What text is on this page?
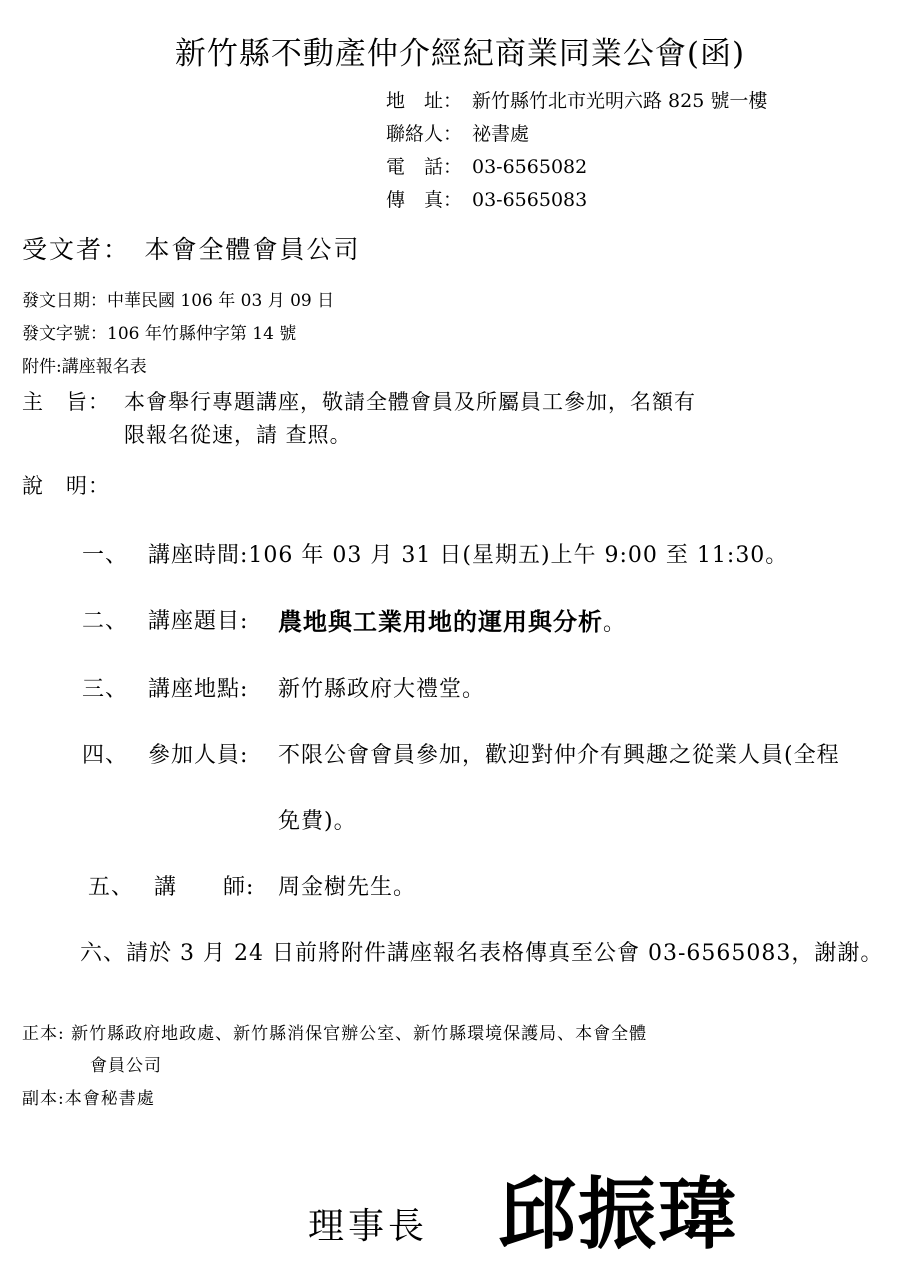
新竹縣不動產仲介經紀商業同業公會(函)
地　址： 新竹縣竹北市光明六路 825 號一樓
聯絡人： 祕書處
電　話： 03-6565082
傳　真： 03-6565083
受文者：　本會全體會員公司
發文日期：中華民國 106 年 03 月 09 日
發文字號：106 年竹縣仲字第 14 號
附件:講座報名表
主　旨： 本會舉行專題講座，敬請全體會員及所屬員工參加，名額有
限報名從速，請 查照。
說　明：
一、 講座時間:106 年 03 月 31 日(星期五)上午 9:00 至 11:30。
二、 講座題目: 農地與工業用地的運用與分析。
三、 講座地點: 新竹縣政府大禮堂。
四、 參加人員: 不限公會會員參加，歡迎對仲介有興趣之從業人員(全程
免費)。
五、 講　　師: 周金樹先生。
六、請於 3 月 24 日前將附件講座報名表格傳真至公會 03-6565083，謝謝。
正本: 新竹縣政府地政處、新竹縣消保官辦公室、新竹縣環境保護局、本會全體
會員公司
副本:本會秘書處
理事長 邱振瑋
